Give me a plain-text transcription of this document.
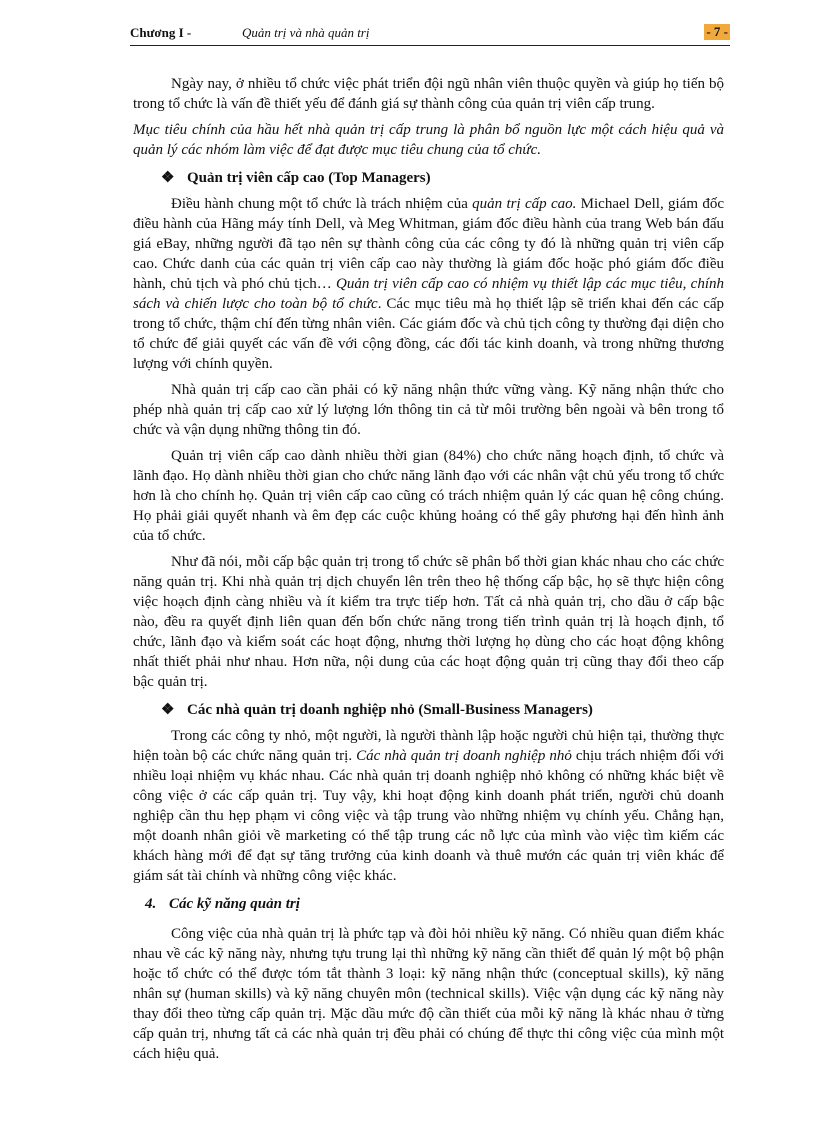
Chương I -	Quản trị và nhà quản trị	- 7 -

Ngày nay, ở nhiều tổ chức việc phát triển đội ngũ nhân viên thuộc quyền và giúp họ tiến bộ trong tổ chức là vấn đề thiết yếu để đánh giá sự thành công của quản trị viên cấp trung.

Mục tiêu chính của hầu hết nhà quản trị cấp trung là phân bổ nguồn lực một cách hiệu quả và quản lý các nhóm làm việc để đạt được mục tiêu chung của tổ chức.

❖ Quản trị viên cấp cao (Top Managers)

Điều hành chung một tổ chức là trách nhiệm của quản trị cấp cao. Michael Dell, giám đốc điều hành của Hãng máy tính Dell, và Meg Whitman, giám đốc điều hành của trang Web bán đấu giá eBay, những người đã tạo nên sự thành công của các công ty đó là những quản trị viên cấp cao. Chức danh của các quản trị viên cấp cao này thường là giám đốc hoặc phó giám đốc điều hành, chủ tịch và phó chủ tịch… Quản trị viên cấp cao có nhiệm vụ thiết lập các mục tiêu, chính sách và chiến lược cho toàn bộ tổ chức. Các mục tiêu mà họ thiết lập sẽ triển khai đến các cấp trong tổ chức, thậm chí đến từng nhân viên. Các giám đốc và chủ tịch công ty thường đại diện cho tổ chức để giải quyết các vấn đề với cộng đồng, các đối tác kinh doanh, và trong những thương lượng với chính quyền.

Nhà quản trị cấp cao cần phải có kỹ năng nhận thức vững vàng. Kỹ năng nhận thức cho phép nhà quản trị cấp cao xử lý lượng lớn thông tin cả từ môi trường bên ngoài và bên trong tổ chức và vận dụng những thông tin đó.

Quản trị viên cấp cao dành nhiều thời gian (84%) cho chức năng hoạch định, tổ chức và lãnh đạo. Họ dành nhiều thời gian cho chức năng lãnh đạo với các nhân vật chủ yếu trong tổ chức hơn là cho chính họ. Quản trị viên cấp cao cũng có trách nhiệm quản lý các quan hệ công chúng. Họ phải giải quyết nhanh và êm đẹp các cuộc khủng hoảng có thể gây phương hại đến hình ảnh của tổ chức.

Như đã nói, mỗi cấp bậc quản trị trong tổ chức sẽ phân bổ thời gian khác nhau cho các chức năng quản trị. Khi nhà quản trị dịch chuyển lên trên theo hệ thống cấp bậc, họ sẽ thực hiện công việc hoạch định càng nhiều và ít kiểm tra trực tiếp hơn. Tất cả nhà quản trị, cho dầu ở cấp bậc nào, đều ra quyết định liên quan đến bốn chức năng trong tiến trình quản trị là hoạch định, tổ chức, lãnh đạo và kiểm soát các hoạt động, nhưng thời lượng họ dùng cho các hoạt động không nhất thiết phải như nhau. Hơn nữa, nội dung của các hoạt động quản trị cũng thay đổi theo cấp bậc quản trị.

❖ Các nhà quản trị doanh nghiệp nhỏ (Small-Business Managers)

Trong các công ty nhỏ, một người, là người thành lập hoặc người chủ hiện tại, thường thực hiện toàn bộ các chức năng quản trị. Các nhà quản trị doanh nghiệp nhỏ chịu trách nhiệm đối với nhiều loại nhiệm vụ khác nhau. Các nhà quản trị doanh nghiệp nhỏ không có những khác biệt về công việc ở các cấp quản trị. Tuy vậy, khi hoạt động kinh doanh phát triển, người chủ doanh nghiệp cần thu hẹp phạm vi công việc và tập trung vào những nhiệm vụ chính yếu. Chẳng hạn, một doanh nhân giỏi về marketing có thể tập trung các nỗ lực của mình vào việc tìm kiếm các khách hàng mới để đạt sự tăng trưởng của kinh doanh và thuê mướn các quản trị viên khác để giám sát tài chính và những công việc khác.

4. Các kỹ năng quản trị

Công việc của nhà quản trị là phức tạp và đòi hỏi nhiều kỹ năng. Có nhiều quan điểm khác nhau về các kỹ năng này, nhưng tựu trung lại thì những kỹ năng cần thiết để quản lý một bộ phận hoặc tổ chức có thể được tóm tắt thành 3 loại: kỹ năng nhận thức (conceptual skills), kỹ năng nhân sự (human skills) và kỹ năng chuyên môn (technical skills). Việc vận dụng các kỹ năng này thay đổi theo từng cấp quản trị. Mặc dầu mức độ cần thiết của mỗi kỹ năng là khác nhau ở từng cấp quản trị, nhưng tất cả các nhà quản trị đều phải có chúng để thực thi công việc của mình một cách hiệu quả.
